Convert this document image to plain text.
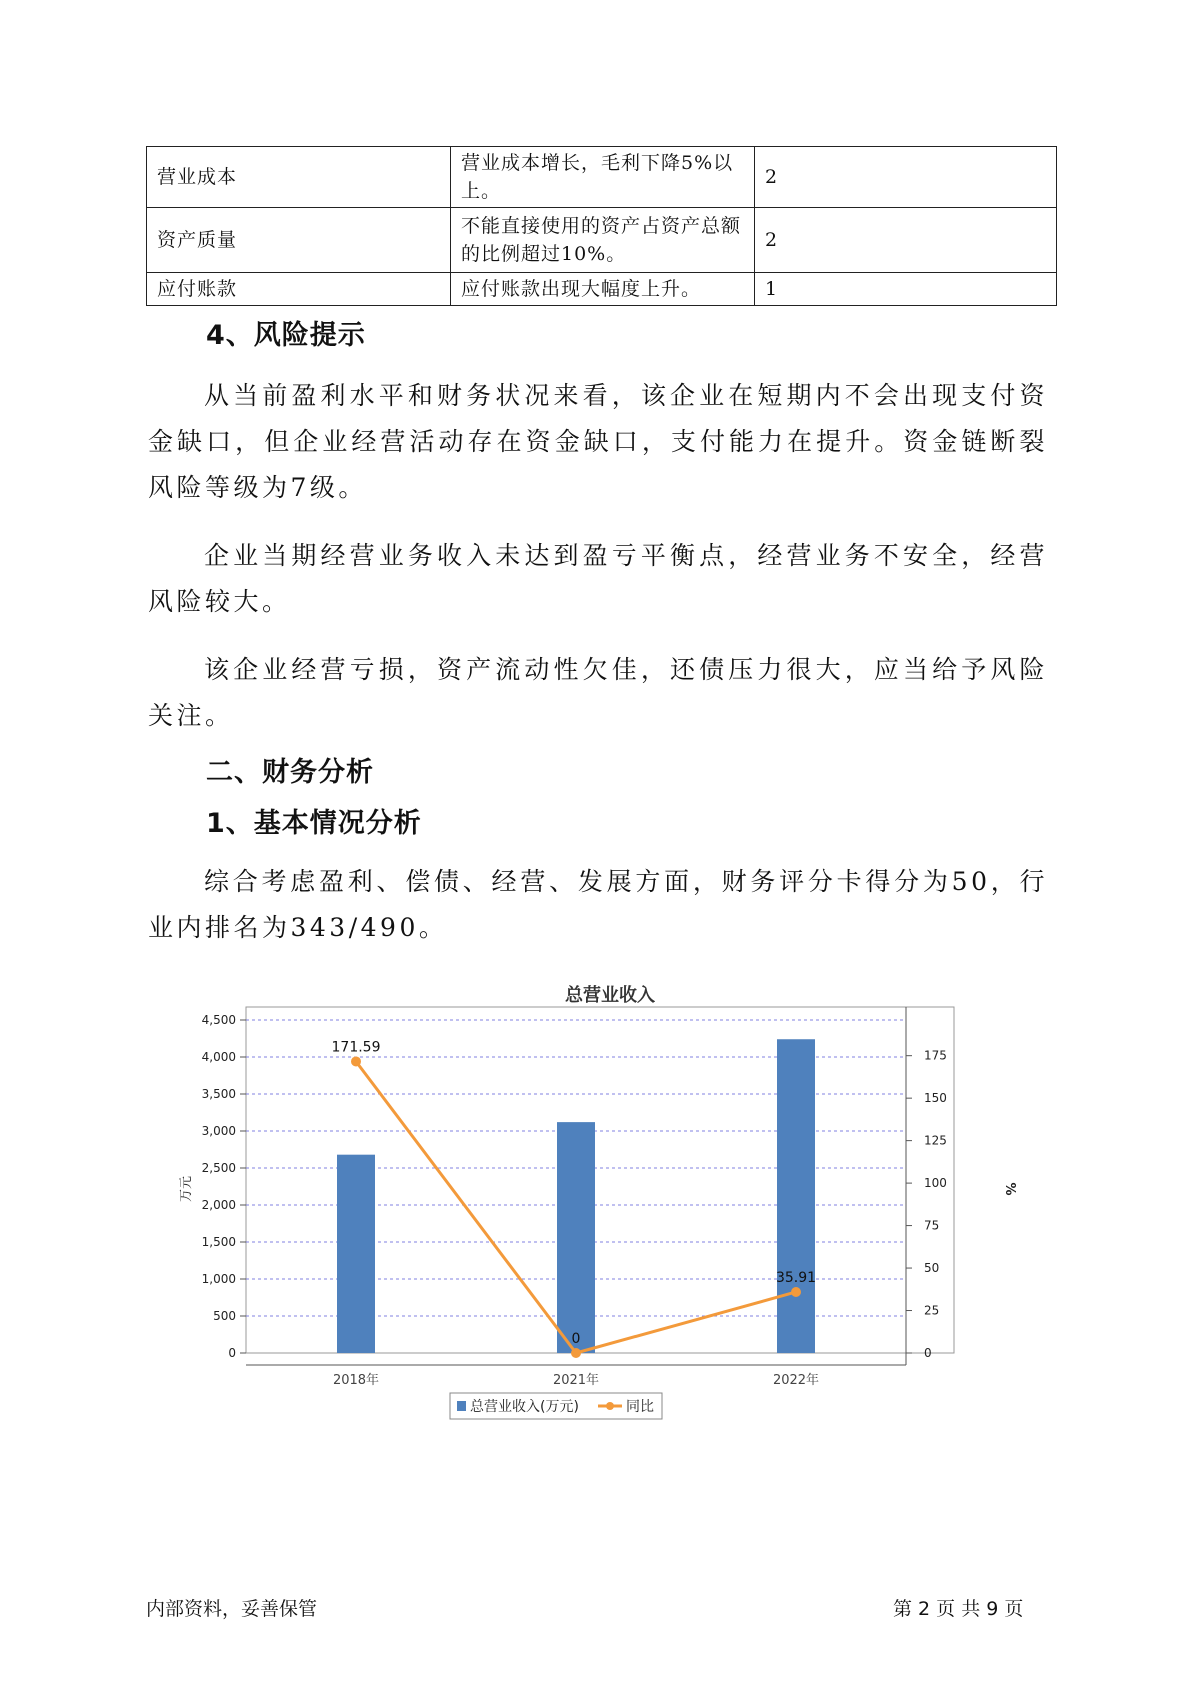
营业成本	营业成本增长，毛利下降5%以上。	2
资产质量	不能直接使用的资产占资产总额的比例超过10%。	2
应付账款	应付账款出现大幅度上升。	1
4、风险提示
从当前盈利水平和财务状况来看，该企业在短期内不会出现支付资金缺口，但企业经营活动存在资金缺口，支付能力在提升。资金链断裂风险等级为7级。
企业当期经营业务收入未达到盈亏平衡点，经营业务不安全，经营风险较大。
该企业经营亏损，资产流动性欠佳，还债压力很大，应当给予风险关注。
二、财务分析
1、基本情况分析
综合考虑盈利、偿债、经营、发展方面，财务评分卡得分为50，行业内排名为343/490。
总营业收入
0
500
1,000
1,500
2,000
2,500
3,000
3,500
4,000
4,500
0
25
50
75
100
125
150
175
万元	%
2018年	2021年	2022年
171.59
0
35.91
总营业收入(万元)	同比
内部资料，妥善保管	第 2 页 共 9 页
